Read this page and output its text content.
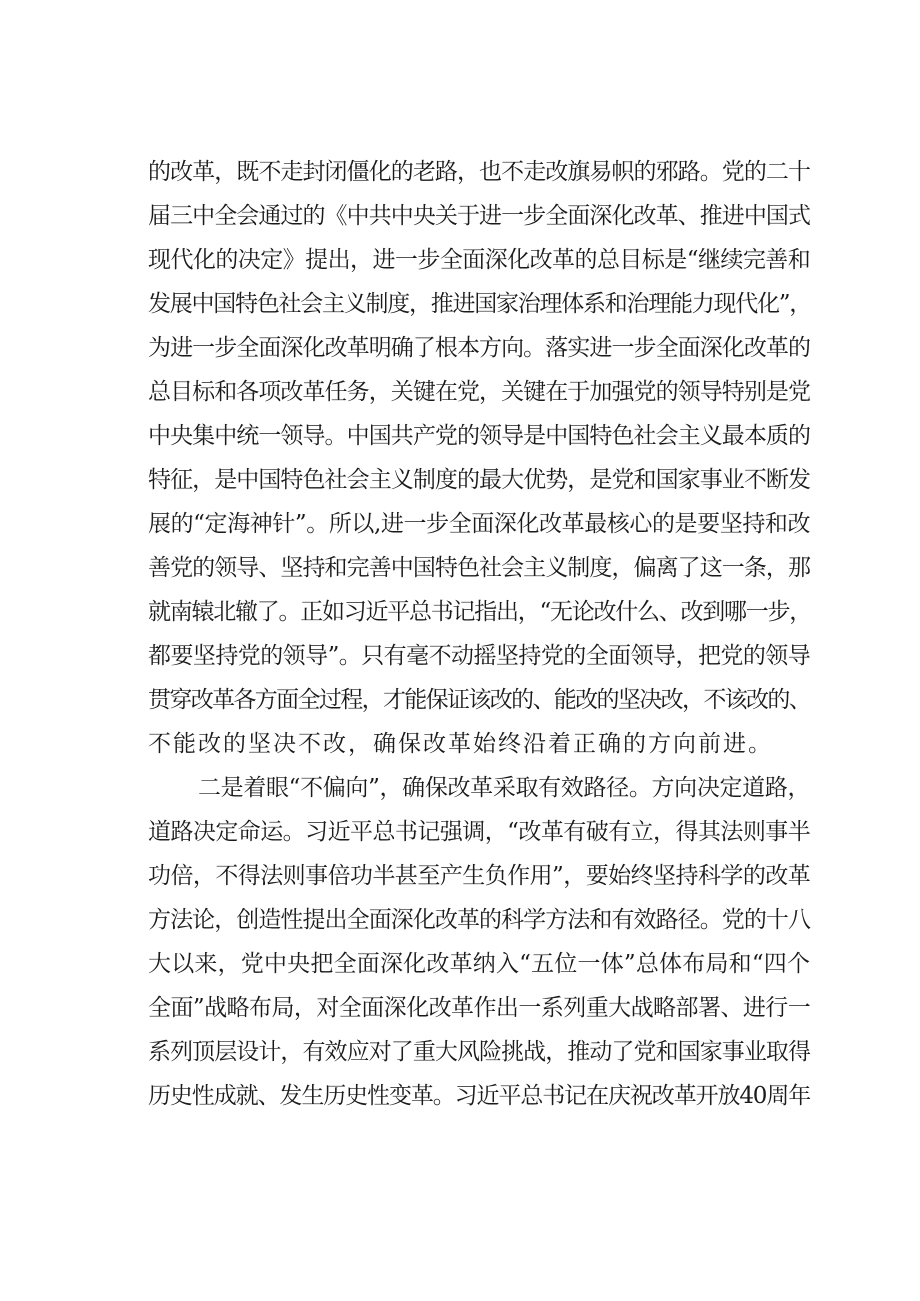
的改革，既不走封闭僵化的老路，也不走改旗易帜的邪路。党的二十
届三中全会通过的《中共中央关于进一步全面深化改革、推进中国式
现代化的决定》提出，进一步全面深化改革的总目标是“继续完善和
发展中国特色社会主义制度，推进国家治理体系和治理能力现代化”，
为进一步全面深化改革明确了根本方向。落实进一步全面深化改革的
总目标和各项改革任务，关键在党，关键在于加强党的领导特别是党
中央集中统一领导。中国共产党的领导是中国特色社会主义最本质的
特征，是中国特色社会主义制度的最大优势，是党和国家事业不断发
展的“定海神针”。所以,进一步全面深化改革最核心的是要坚持和改
善党的领导、坚持和完善中国特色社会主义制度，偏离了这一条，那
就南辕北辙了。正如习近平总书记指出，“无论改什么、改到哪一步，
都要坚持党的领导”。只有毫不动摇坚持党的全面领导，把党的领导
贯穿改革各方面全过程，才能保证该改的、能改的坚决改，不该改的、
不能改的坚决不改，确保改革始终沿着正确的方向前进。
二是着眼“不偏向”，确保改革采取有效路径。方向决定道路，
道路决定命运。习近平总书记强调，“改革有破有立，得其法则事半
功倍，不得法则事倍功半甚至产生负作用”，要始终坚持科学的改革
方法论，创造性提出全面深化改革的科学方法和有效路径。党的十八
大以来，党中央把全面深化改革纳入“五位一体”总体布局和“四个
全面”战略布局，对全面深化改革作出一系列重大战略部署、进行一
系列顶层设计，有效应对了重大风险挑战，推动了党和国家事业取得
历史性成就、发生历史性变革。习近平总书记在庆祝改革开放40周年
